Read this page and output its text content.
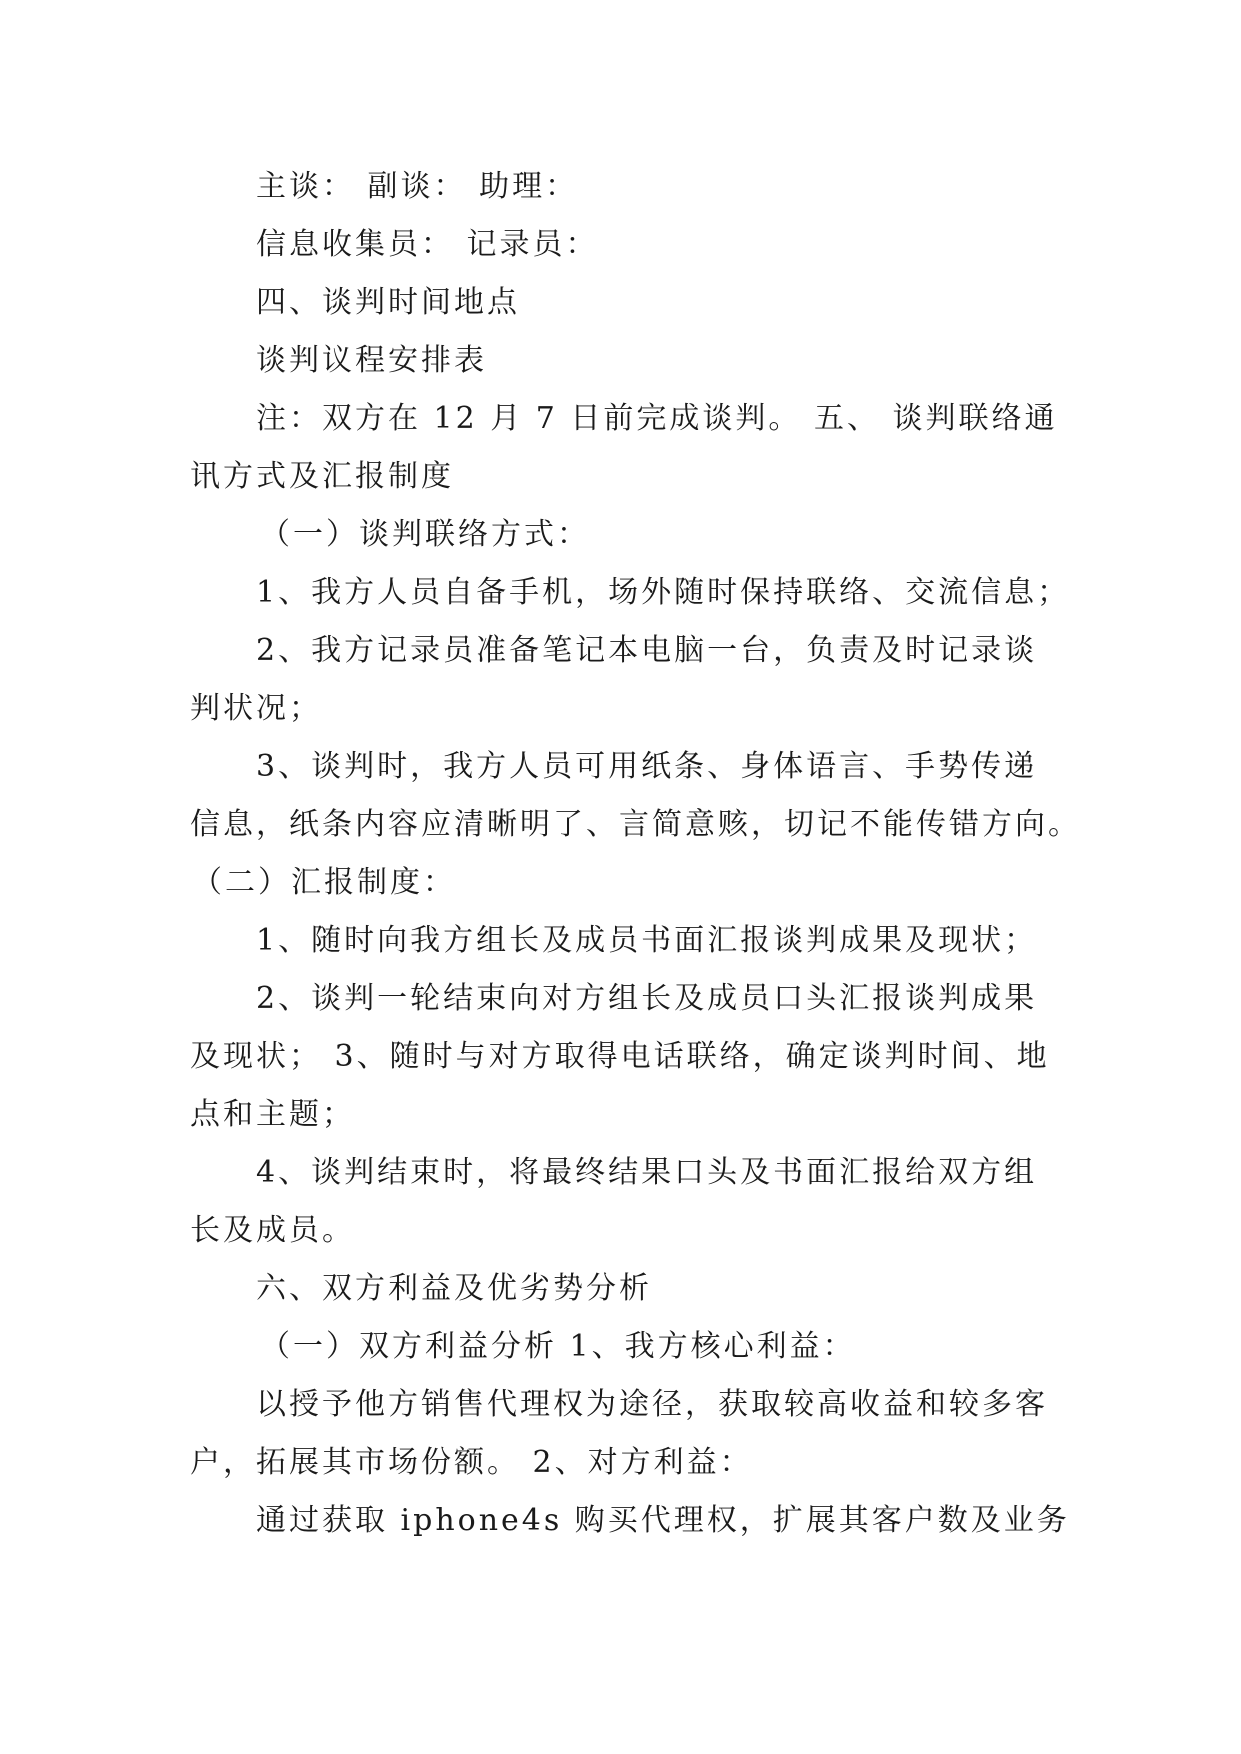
主谈： 副谈： 助理：
信息收集员： 记录员：
四、谈判时间地点
谈判议程安排表
注：双方在 12 月 7 日前完成谈判。 五、 谈判联络通
讯方式及汇报制度
（一）谈判联络方式：
1、我方人员自备手机，场外随时保持联络、交流信息；
2、我方记录员准备笔记本电脑一台，负责及时记录谈
判状况；
3、谈判时，我方人员可用纸条、身体语言、手势传递
信息，纸条内容应清晰明了、言简意赅，切记不能传错方向。
（二）汇报制度：
1、随时向我方组长及成员书面汇报谈判成果及现状；
2、谈判一轮结束向对方组长及成员口头汇报谈判成果
及现状； 3、随时与对方取得电话联络，确定谈判时间、地
点和主题；
4、谈判结束时，将最终结果口头及书面汇报给双方组
长及成员。
六、双方利益及优劣势分析
（一）双方利益分析 1、我方核心利益：
以授予他方销售代理权为途径，获取较高收益和较多客
户，拓展其市场份额。 2、对方利益：
通过获取 iphone4s 购买代理权，扩展其客户数及业务
